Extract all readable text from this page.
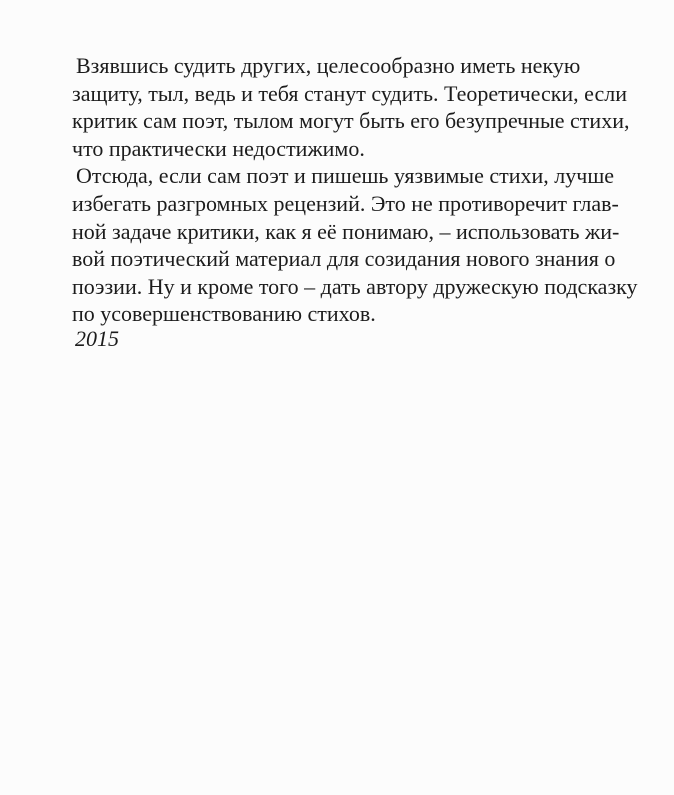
Взявшись судить других, целесообразно иметь некую
защиту, тыл, ведь и тебя станут судить. Теоретически, если
критик сам поэт, тылом могут быть его безупречные стихи,
что практически недостижимо.
Отсюда, если сам поэт и пишешь уязвимые стихи, лучше
избегать разгромных рецензий. Это не противоречит глав-
ной задаче критики, как я её понимаю, – использовать жи-
вой поэтический материал для созидания нового знания о
поэзии. Ну и кроме того – дать автору дружескую подсказку
по усовершенствованию стихов.
2015
